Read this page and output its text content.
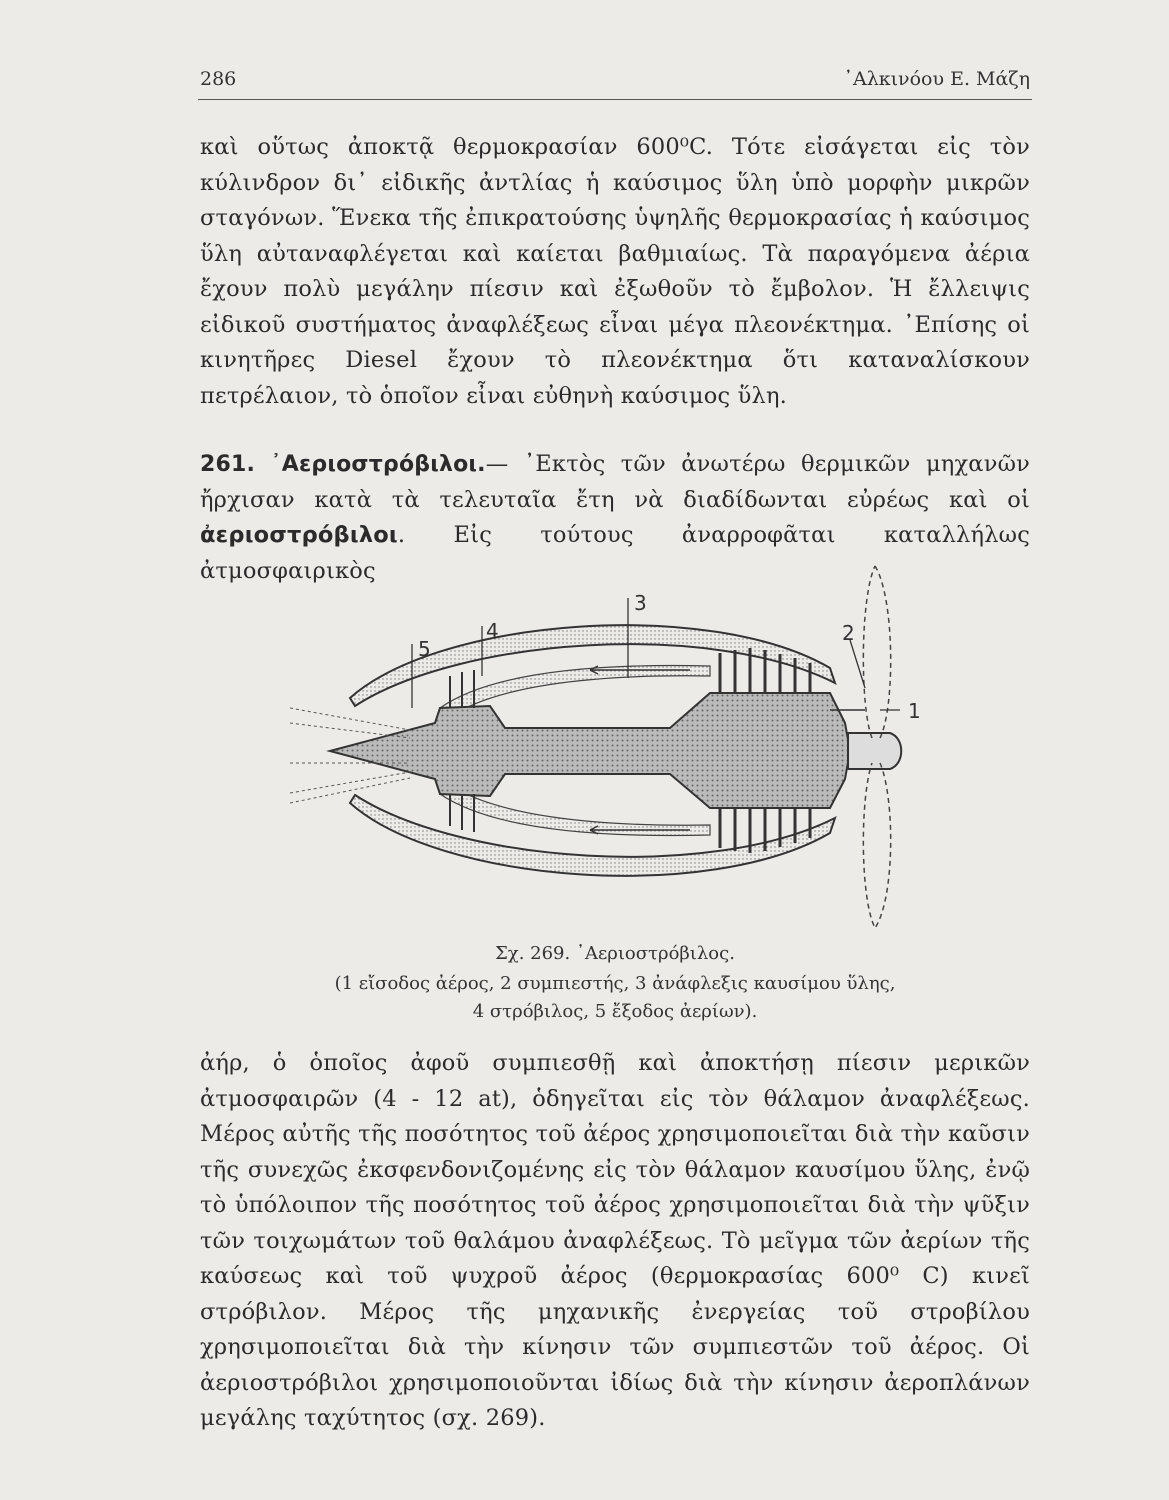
286	᾿Αλκινόου Ε. Μάζη
καὶ οὕτως ἀποκτᾷ θερμοκρασίαν 600⁰C. Τότε εἰσάγεται εἰς τὸν κύλινδρον δι᾿ εἰδικῆς ἀντλίας ἡ καύσιμος ὕλη ὑπὸ μορφὴν μικρῶν σταγόνων. Ἕνεκα τῆς ἐπικρατούσης ὑψηλῆς θερμοκρασίας ἡ καύσιμος ὕλη αὐταναφλέγεται καὶ καίεται βαθμιαίως. Τὰ παραγόμενα ἀέρια ἔχουν πολὺ μεγάλην πίεσιν καὶ ἐξωθοῦν τὸ ἔμβολον. Ἡ ἔλλειψις εἰδικοῦ συστήματος ἀναφλέξεως εἶναι μέγα πλεονέκτημα. ᾿Επίσης οἱ κινητῆρες Diesel ἔχουν τὸ πλεονέκτημα ὅτι καταναλίσκουν πετρέλαιον, τὸ ὁποῖον εἶναι εὐθηνὴ καύσιμος ὕλη.
261. ᾿Αεριοστρόβιλοι.— ᾿Εκτὸς τῶν ἀνωτέρω θερμικῶν μηχανῶν ἤρχισαν κατὰ τὰ τελευταῖα ἔτη νὰ διαδίδωνται εὐρέως καὶ οἱ ἀεριοστρόβιλοι. Εἰς τούτους ἀναρροφᾶται καταλλήλως ἀτμοσφαιρικὸς
1
2
3
4
5
Σχ. 269. ᾿Αεριοστρόβιλος.
(1 εἴσοδος ἀέρος, 2 συμπιεστής, 3 ἀνάφλεξις καυσίμου ὕλης,
4 στρόβιλος, 5 ἔξοδος ἀερίων).
ἀήρ, ὁ ὁποῖος ἀφοῦ συμπιεσθῇ καὶ ἀποκτήσῃ πίεσιν μερικῶν ἀτμοσφαιρῶν (4 - 12 at), ὁδηγεῖται εἰς τὸν θάλαμον ἀναφλέξεως. Μέρος αὐτῆς τῆς ποσότητος τοῦ ἀέρος χρησιμοποιεῖται διὰ τὴν καῦσιν τῆς συνεχῶς ἐκσφενδονιζομένης εἰς τὸν θάλαμον καυσίμου ὕλης, ἐνῷ τὸ ὑπόλοιπον τῆς ποσότητος τοῦ ἀέρος χρησιμοποιεῖται διὰ τὴν ψῦξιν τῶν τοιχωμάτων τοῦ θαλάμου ἀναφλέξεως. Τὸ μεῖγμα τῶν ἀερίων τῆς καύσεως καὶ τοῦ ψυχροῦ ἀέρος (θερμοκρασίας 600⁰ C) κινεῖ στρόβιλον. Μέρος τῆς μηχανικῆς ἐνεργείας τοῦ στροβίλου χρησιμοποιεῖται διὰ τὴν κίνησιν τῶν συμπιεστῶν τοῦ ἀέρος. Οἱ ἀεριοστρόβιλοι χρησιμοποιοῦνται ἰδίως διὰ τὴν κίνησιν ἀεροπλάνων μεγάλης ταχύτητος (σχ. 269).
